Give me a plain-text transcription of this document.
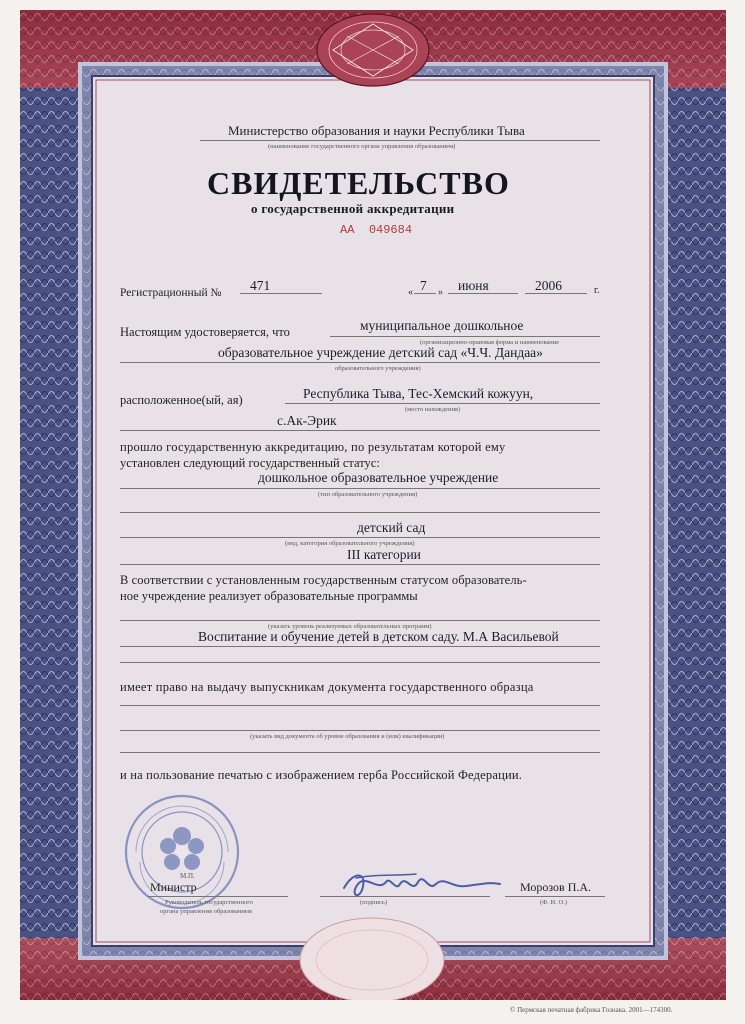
Министерство образования и науки Республики Тыва
(наименование государственного органа управления образованием)
СВИДЕТЕЛЬСТВО
о государственной аккредитации
АА 049684
Регистрационный № 471	« 7 » июня	2006	г.
Настоящим удостоверяется, что	муниципальное дошкольное
(организационно-правовая форма и наименование
образовательное учреждение детский сад «Ч.Ч. Дандаа»
образовательного учреждения)
расположенное(ый, ая)	Республика Тыва, Тес-Хемский кожуун,
(место нахождения)
с.Ак-Эрик
прошло государственную аккредитацию, по результатам которой ему
установлен следующий государственный статус:
дошкольное образовательное учреждение
(тип образовательного учреждения)
детский сад
(вид, категория образовательного учреждения)
III категории
В соответствии с установленным государственным статусом образователь-
ное учреждение реализует образовательные программы
(указать уровень реализуемых образовательных программ)
Воспитание и обучение детей в детском саду. М.А Васильевой
имеет право на выдачу выпускникам документа государственного образца
(указать вид документа об уровне образования и (или) квалификации)
и на пользование печатью с изображением герба Российской Федерации.
М.П.
Министр
Руководитель государственного
органа управления образованием
(подпись)
Морозов П.А.
(Ф. И. О.)
© Пермская печатная фабрика Гознака. 2001—174300.
